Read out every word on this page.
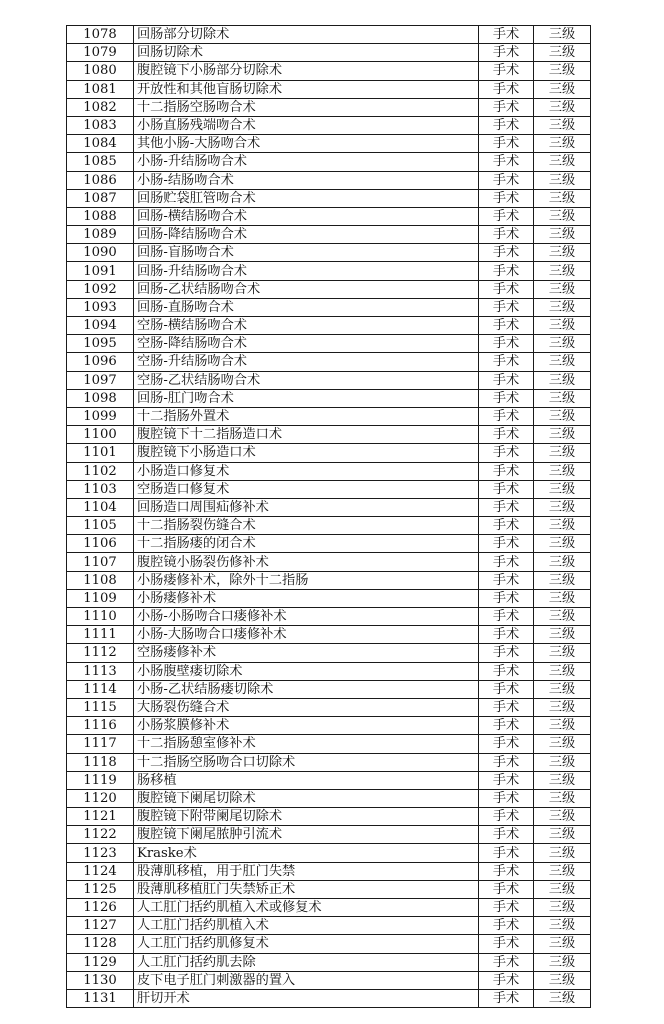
1078	回肠部分切除术	手术	三级
1079	回肠切除术	手术	三级
1080	腹腔镜下小肠部分切除术	手术	三级
1081	开放性和其他盲肠切除术	手术	三级
1082	十二指肠空肠吻合术	手术	三级
1083	小肠直肠残端吻合术	手术	三级
1084	其他小肠-大肠吻合术	手术	三级
1085	小肠-升结肠吻合术	手术	三级
1086	小肠-结肠吻合术	手术	三级
1087	回肠贮袋肛管吻合术	手术	三级
1088	回肠-横结肠吻合术	手术	三级
1089	回肠-降结肠吻合术	手术	三级
1090	回肠-盲肠吻合术	手术	三级
1091	回肠-升结肠吻合术	手术	三级
1092	回肠-乙状结肠吻合术	手术	三级
1093	回肠-直肠吻合术	手术	三级
1094	空肠-横结肠吻合术	手术	三级
1095	空肠-降结肠吻合术	手术	三级
1096	空肠-升结肠吻合术	手术	三级
1097	空肠-乙状结肠吻合术	手术	三级
1098	回肠-肛门吻合术	手术	三级
1099	十二指肠外置术	手术	三级
1100	腹腔镜下十二指肠造口术	手术	三级
1101	腹腔镜下小肠造口术	手术	三级
1102	小肠造口修复术	手术	三级
1103	空肠造口修复术	手术	三级
1104	回肠造口周围疝修补术	手术	三级
1105	十二指肠裂伤缝合术	手术	三级
1106	十二指肠瘘的闭合术	手术	三级
1107	腹腔镜小肠裂伤修补术	手术	三级
1108	小肠瘘修补术，除外十二指肠	手术	三级
1109	小肠瘘修补术	手术	三级
1110	小肠-小肠吻合口瘘修补术	手术	三级
1111	小肠-大肠吻合口瘘修补术	手术	三级
1112	空肠瘘修补术	手术	三级
1113	小肠腹壁瘘切除术	手术	三级
1114	小肠-乙状结肠瘘切除术	手术	三级
1115	大肠裂伤缝合术	手术	三级
1116	小肠浆膜修补术	手术	三级
1117	十二指肠憩室修补术	手术	三级
1118	十二指肠空肠吻合口切除术	手术	三级
1119	肠移植	手术	三级
1120	腹腔镜下阑尾切除术	手术	三级
1121	腹腔镜下附带阑尾切除术	手术	三级
1122	腹腔镜下阑尾脓肿引流术	手术	三级
1123	Kraske术	手术	三级
1124	股薄肌移植，用于肛门失禁	手术	三级
1125	股薄肌移植肛门失禁矫正术	手术	三级
1126	人工肛门括约肌植入术或修复术	手术	三级
1127	人工肛门括约肌植入术	手术	三级
1128	人工肛门括约肌修复术	手术	三级
1129	人工肛门括约肌去除	手术	三级
1130	皮下电子肛门刺激器的置入	手术	三级
1131	肝切开术	手术	三级
